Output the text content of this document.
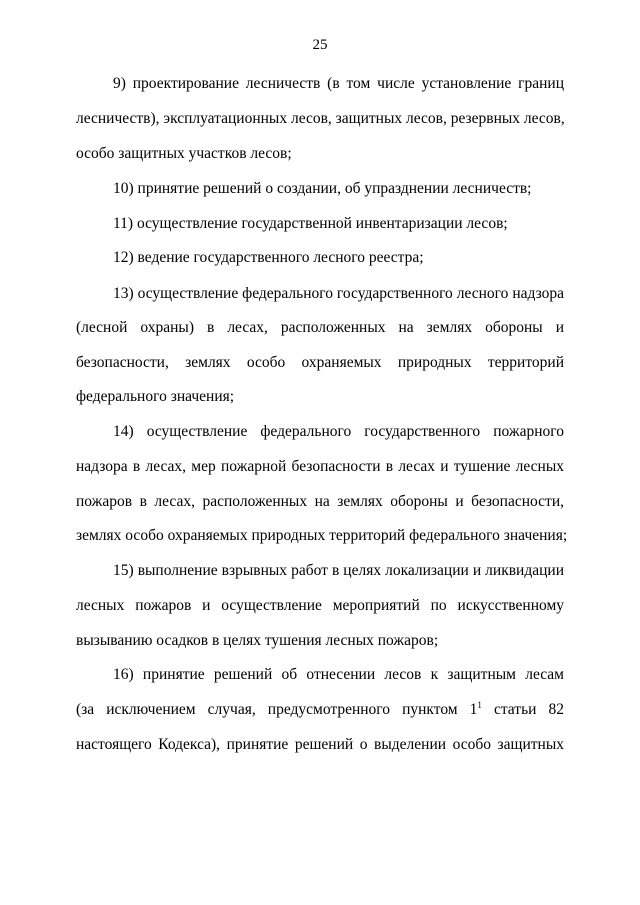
25
9) проектирование лесничеств (в том числе установление границ
лесничеств), эксплуатационных лесов, защитных лесов, резервных лесов,
особо защитных участков лесов;
10) принятие решений о создании, об упразднении лесничеств;
11) осуществление государственной инвентаризации лесов;
12) ведение государственного лесного реестра;
13) осуществление федерального государственного лесного надзора
(лесной охраны) в лесах, расположенных на землях обороны и
безопасности, землях особо охраняемых природных территорий
федерального значения;
14) осуществление федерального государственного пожарного
надзора в лесах, мер пожарной безопасности в лесах и тушение лесных
пожаров в лесах, расположенных на землях обороны и безопасности,
землях особо охраняемых природных территорий федерального значения;
15) выполнение взрывных работ в целях локализации и ликвидации
лесных пожаров и осуществление мероприятий по искусственному
вызыванию осадков в целях тушения лесных пожаров;
16) принятие решений об отнесении лесов к защитным лесам
(за исключением случая, предусмотренного пунктом $1^1$ статьи 82
настоящего Кодекса), принятие решений о выделении особо защитных
